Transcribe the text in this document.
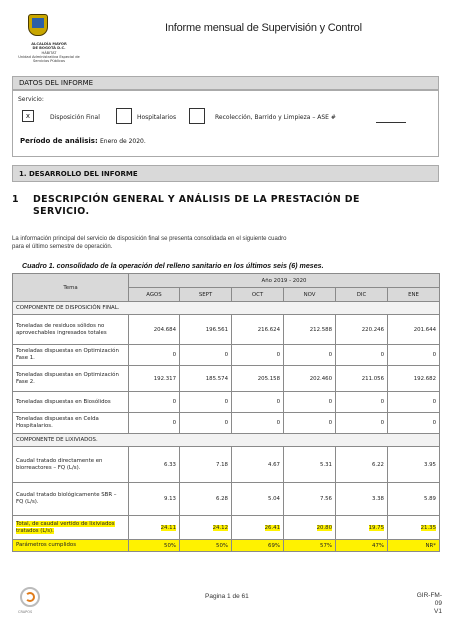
ALCALDÍA MAYOR
DE BOGOTÁ D.C.
HÁBITAT
Unidad Administrativa Especial de
Servicios Públicos
Informe mensual de Supervisión y Control
DATOS DEL INFORME
Servicio:
x	Disposición Final	Hospitalarios	Recolección, Barrido y Limpieza – ASE #
Período de análisis: Enero de 2020.
1. DESARROLLO DEL INFORME
1 DESCRIPCIÓN GENERAL Y ANÁLISIS DE LA PRESTACIÓN DE
SERVICIO.
La información principal del servicio de disposición final se presenta consolidada en el siguiente cuadro
para el último semestre de operación.
Cuadro 1. consolidado de la operación del relleno sanitario en los últimos seis (6) meses.
Tema	Año 2019 - 2020					
	AGOS	SEPT	OCT	NOV	DIC	ENE
COMPONENTE DE DISPOSICIÓN FINAL.						
Toneladas de residuos sólidos no aprovechables ingresados totales	204.684	196.561	216.624	212.588	220.246	201.644
Toneladas dispuestas en Optimización Fase 1.	0	0	0	0	0	0
Toneladas dispuestas en Optimización Fase 2.	192.317	185.574	205.158	202.460	211.056	192.682
Toneladas dispuestas en Biosólidos	0	0	0	0	0	0
Toneladas dispuestas en Celda Hospitalarios.	0	0	0	0	0	0
COMPONENTE DE LIXIVIADOS.						
Caudal tratado directamente en biorreactores – FQ (L/s).	6.33	7.18	4.67	5.31	6.22	3.95
Caudal tratado biológicamente SBR – FQ (L/s).	9.13	6.28	5.04	7.56	3.38	5.89
Total, de caudal vertido de lixiviados tratados (L/s).	24.11	24.12	26.41	20.80	19.75	21.35
Parámetros cumplidos	50%	50%	69%	57%	47%	NR*
CRAPOS
Pagina 1 de 61	GIR-FM-09
V1
